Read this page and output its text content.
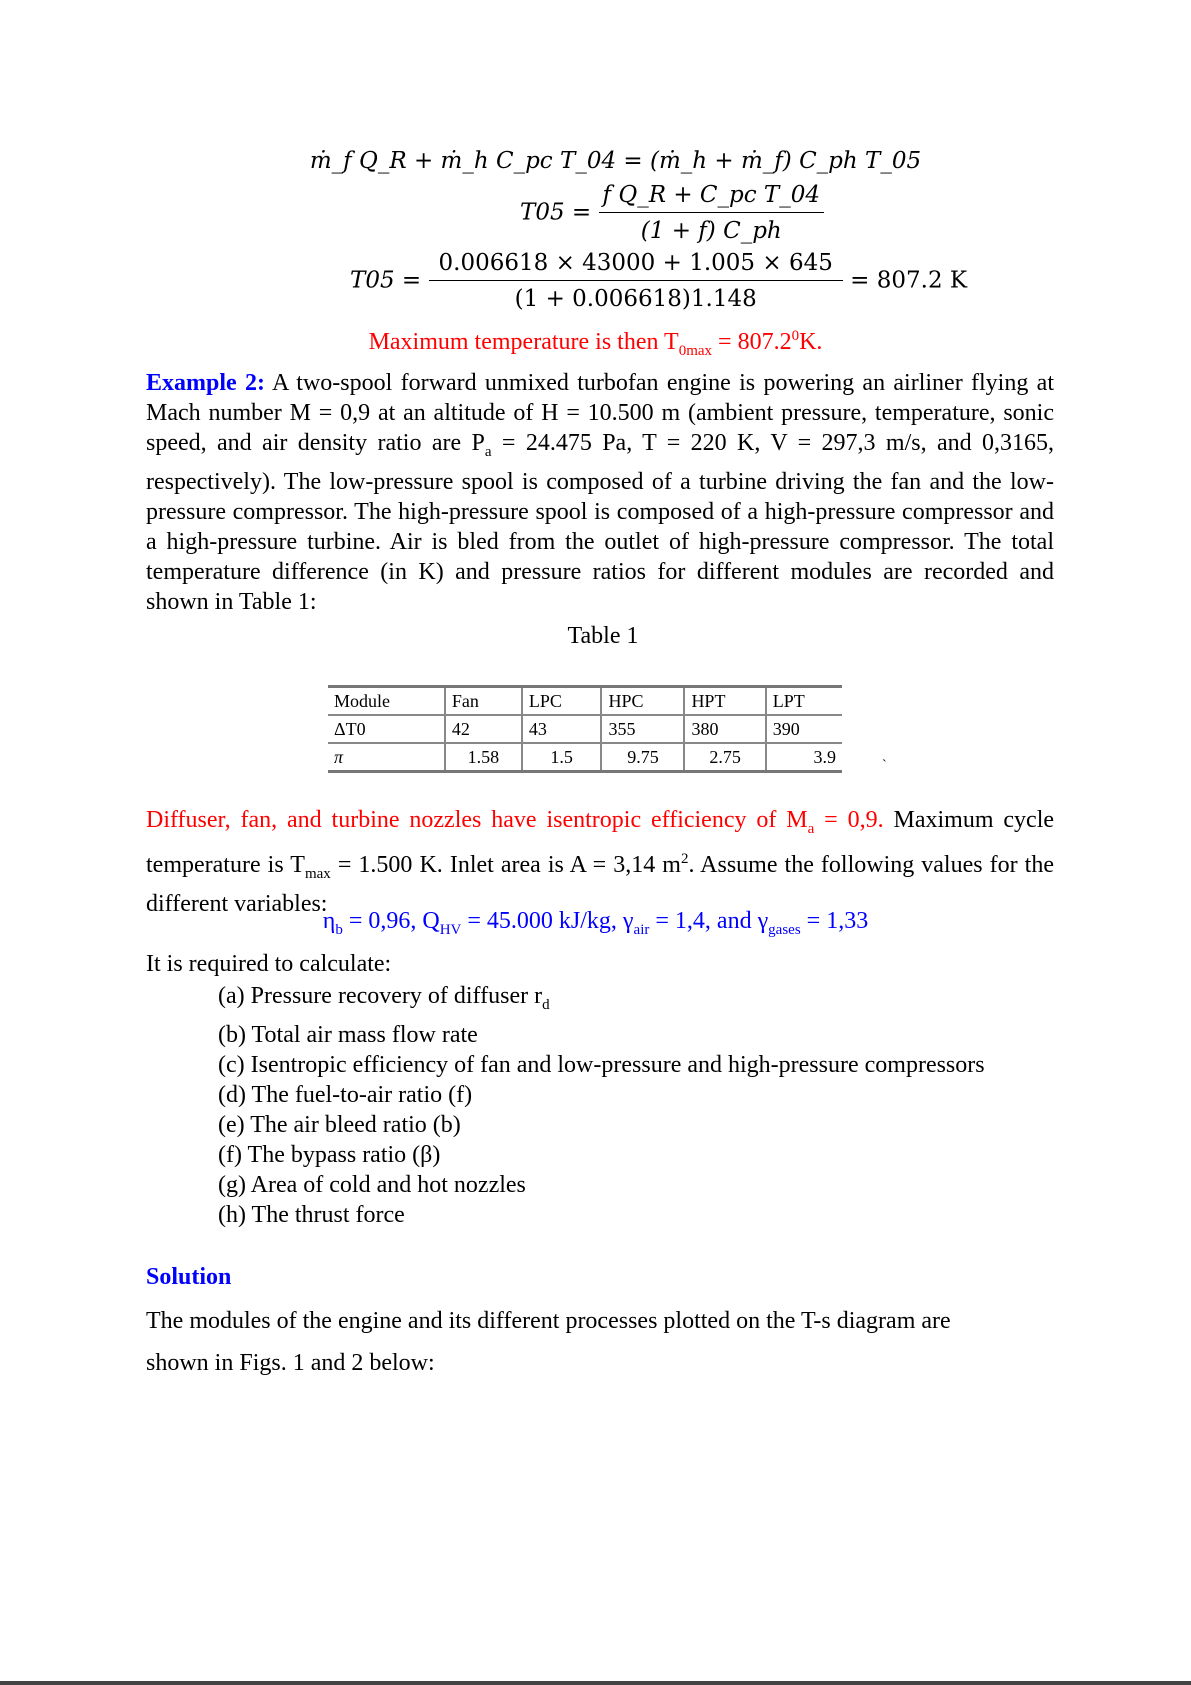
ṁ_f Q_R + ṁ_h C_pc T_04 = (ṁ_h + ṁ_f) C_ph T_05
$T05 = \frac{\text{f Q\_R + C\_pc T\_04}}{(1 + f) C\_ph}$
$T05 = \frac{0.006618 \times 43000 + 1.005 \times 645}{(1 + 0.006618)1.148} = 807.2$ K
Maximum temperature is then $T_{0max} = 807.2^0K$.
Example 2: A two-spool forward unmixed turbofan engine is powering an airliner flying at Mach number M = 0,9 at an altitude of H = 10.500 m (ambient pressure, temperature, sonic speed, and air density ratio are $P_a = 24.475$ Pa, T = 220 K, V = 297,3 m/s, and 0,3165, respectively). The low-pressure spool is composed of a turbine driving the fan and the low-pressure compressor. The high-pressure spool is composed of a high-pressure compressor and a high-pressure turbine. Air is bled from the outlet of high-pressure compressor. The total temperature difference (in K) and pressure ratios for different modules are recorded and shown in Table 1:
Table 1
Module	Fan	LPC	HPC	HPT	LPT
ΔT0	42	43	355	380	390
π	1.58	1.5	9.75	2.75	3.9	`
Diffuser, fan, and turbine nozzles have isentropic efficiency of $M_a = 0,9$. Maximum cycle temperature is $T_{max} = 1.500$ K. Inlet area is A = 3,14 $m^2$. Assume the following values for the different variables:
$\eta_b = 0,96$, $Q_{HV} = 45.000$ kJ/kg, $\gamma_{air} = 1,4$, and $\gamma_{gases} = 1,33$
It is required to calculate:
(a) Pressure recovery of diffuser $r_d$
(b) Total air mass flow rate
(c) Isentropic efficiency of fan and low-pressure and high-pressure compressors
(d) The fuel-to-air ratio (f)
(e) The air bleed ratio (b)
(f) The bypass ratio (β)
(g) Area of cold and hot nozzles
(h) The thrust force
Solution
The modules of the engine and its different processes plotted on the T-s diagram are
shown in Figs. 1 and 2 below:
